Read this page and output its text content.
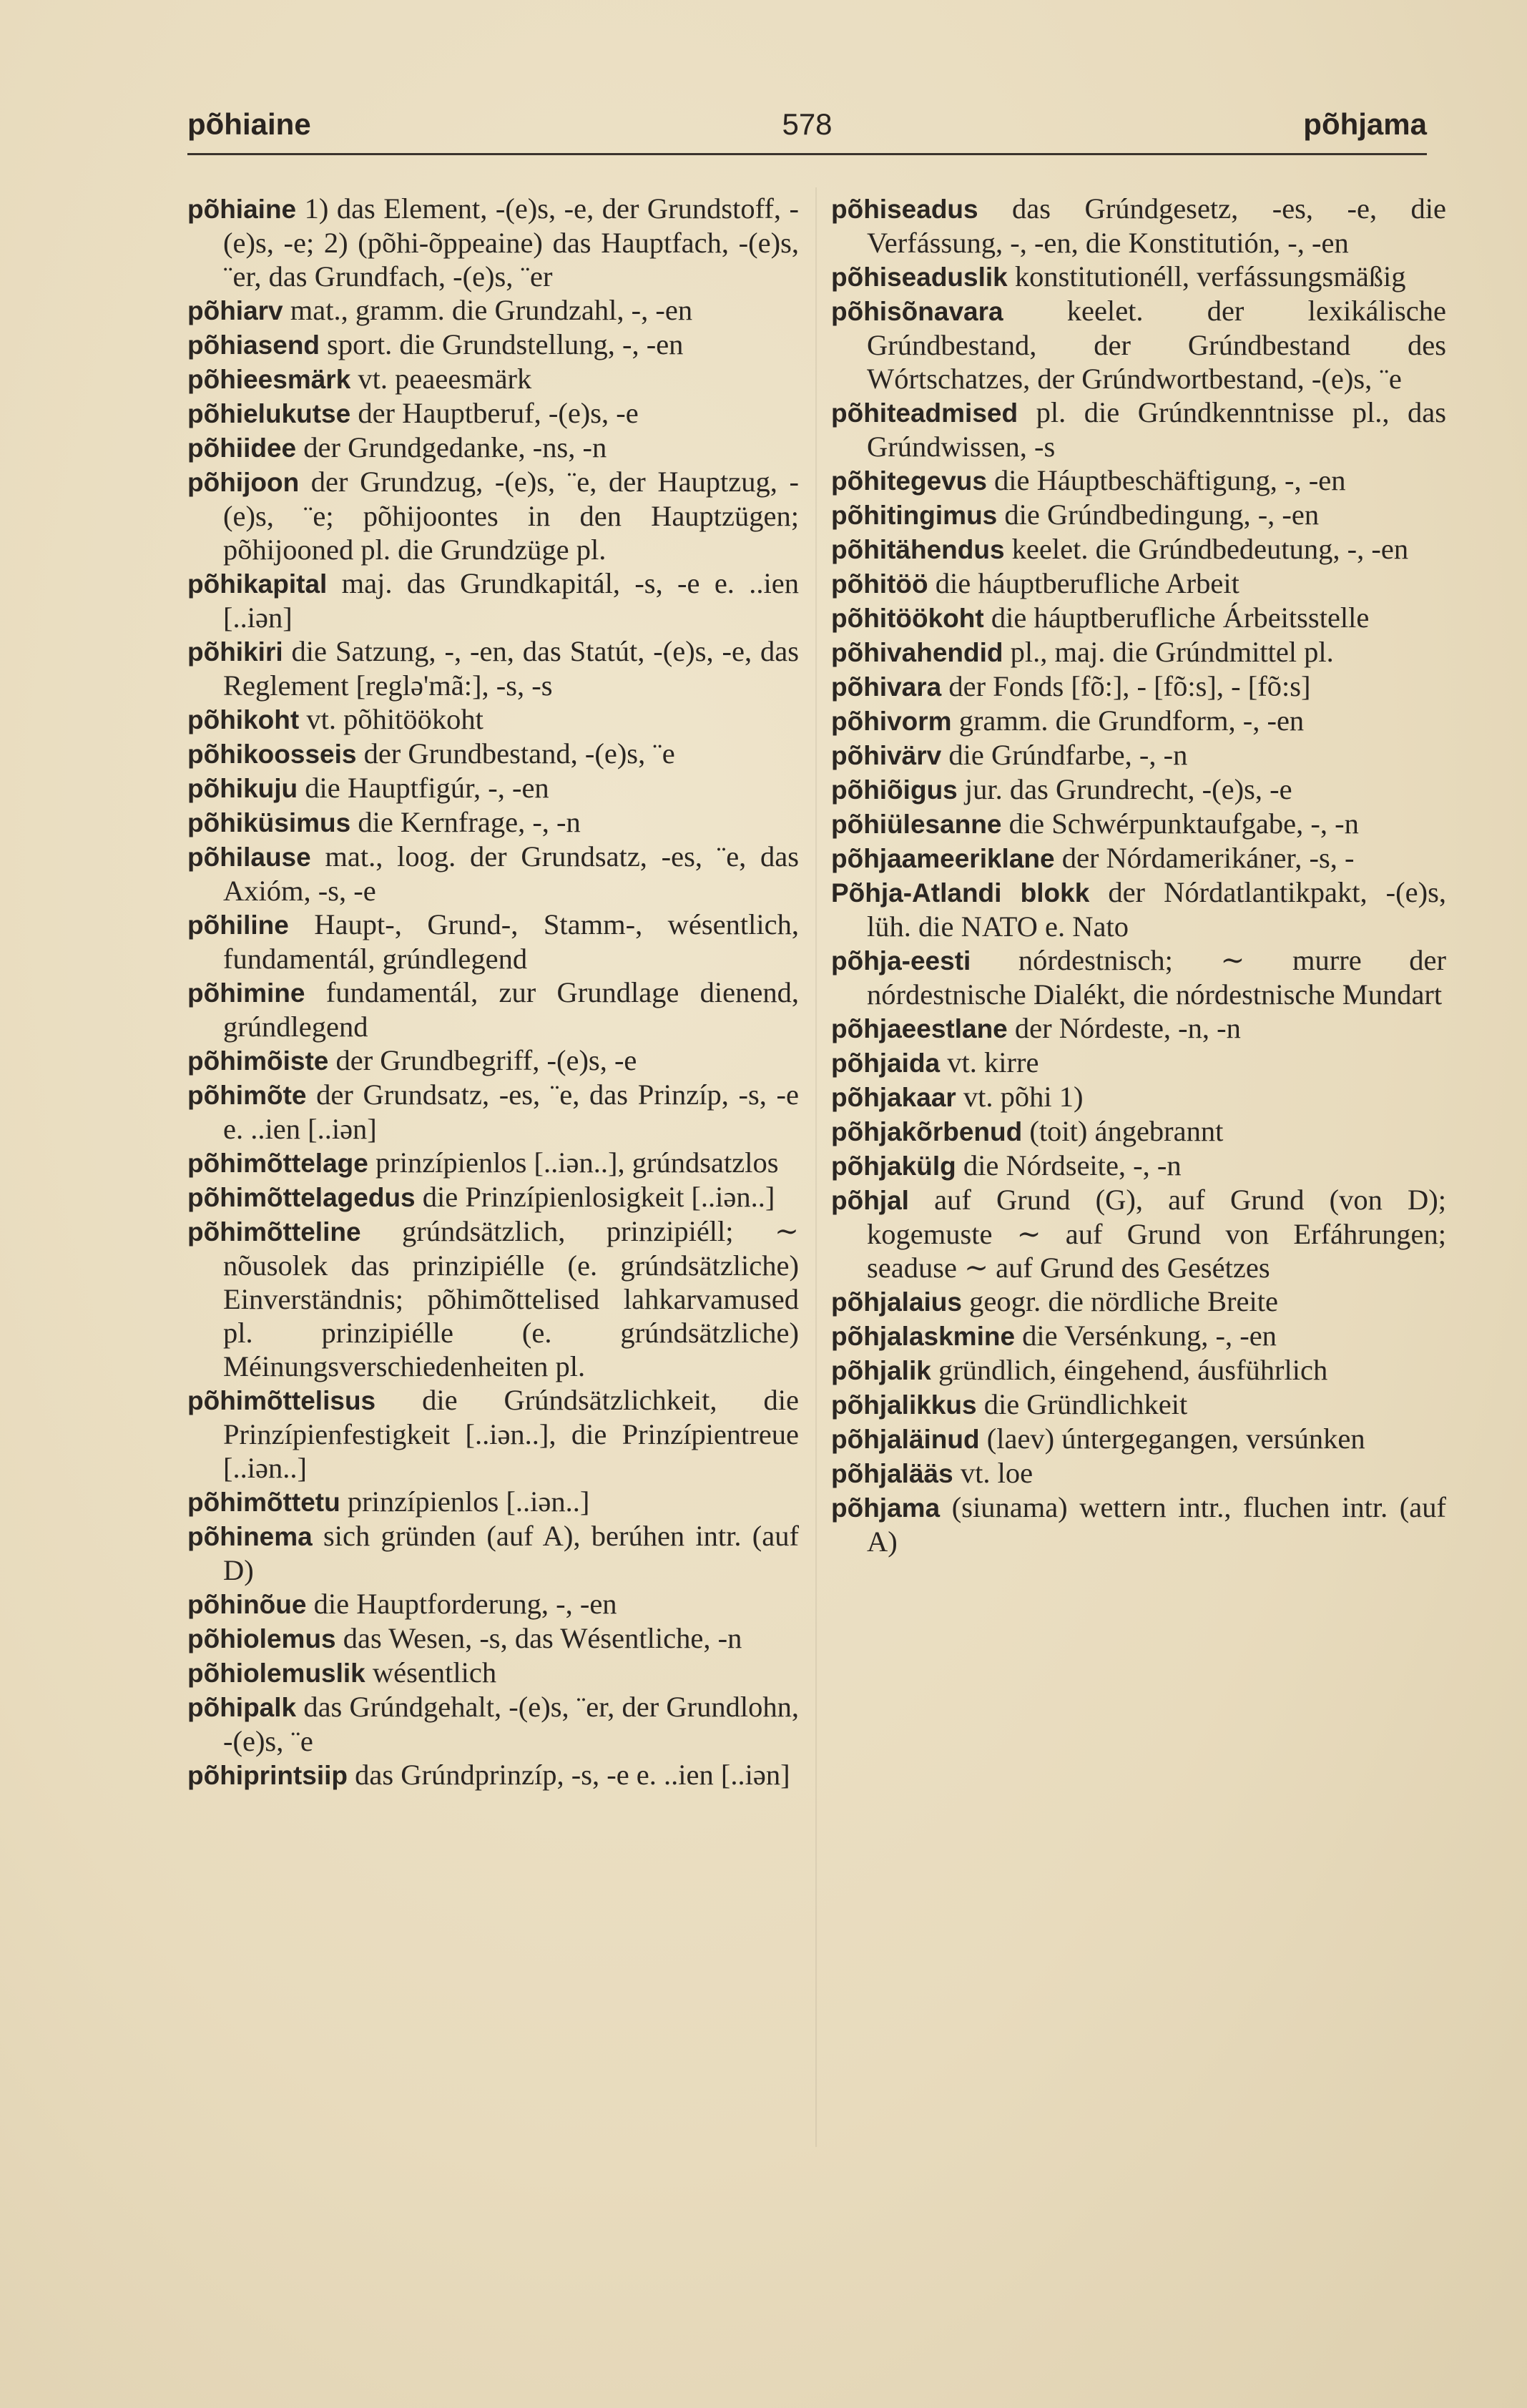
põhiaine	578	põhjama
põhiaine 1) das Element, -(e)s, -e, der Grundstoff, -(e)s, -e; 2) (põhi-õppeaine) das Hauptfach, -(e)s, ¨er, das Grundfach, -(e)s, ¨er
põhiarv mat., gramm. die Grundzahl, -, -en
põhiasend sport. die Grundstellung, -, -en
põhieesmärk vt. peaeesmärk
põhielukutse der Hauptberuf, -(e)s, -e
põhiidee der Grundgedanke, -ns, -n
põhijoon der Grundzug, -(e)s, ¨e, der Hauptzug, -(e)s, ¨e; põhijoontes in den Hauptzügen; põhijooned pl. die Grundzüge pl.
põhikapital maj. das Grundkapitál, -s, -e e. ..ien [..iən]
põhikiri die Satzung, -, -en, das Statút, -(e)s, -e, das Reglement [reglə'mã:], -s, -s
põhikoht vt. põhitöökoht
põhikoosseis der Grundbestand, -(e)s, ¨e
põhikuju die Hauptfigúr, -, -en
põhiküsimus die Kernfrage, -, -n
põhilause mat., loog. der Grundsatz, -es, ¨e, das Axióm, -s, -e
põhiline Haupt-, Grund-, Stamm-, wésentlich, fundamentál, grúndlegend
põhimine fundamentál, zur Grundlage dienend, grúndlegend
põhimõiste der Grundbegriff, -(e)s, -e
põhimõte der Grundsatz, -es, ¨e, das Prinzíp, -s, -e e. ..ien [..iən]
põhimõttelage prinzípienlos [..iən..], grúndsatzlos
põhimõttelagedus die Prinzípienlosigkeit [..iən..]
põhimõtteline grúndsätzlich, prinzipiéll; ∼ nõusolek das prinzipiélle (e. grúndsätzliche) Einverständnis; põhimõttelised lahkarvamused pl. prinzipiélle (e. grúndsätzliche) Méinungsverschiedenheiten pl.
põhimõttelisus die Grúndsätzlichkeit, die Prinzípienfestigkeit [..iən..], die Prinzípientreue [..iən..]
põhimõttetu prinzípienlos [..iən..]
põhinema sich gründen (auf A), berúhen intr. (auf D)
põhinõue die Hauptforderung, -, -en
põhiolemus das Wesen, -s, das Wésentliche, -n
põhiolemuslik wésentlich
põhipalk das Grúndgehalt, -(e)s, ¨er, der Grundlohn, -(e)s, ¨e
põhiprintsiip das Grúndprinzíp, -s, -e e. ..ien [..iən]
põhiseadus das Grúndgesetz, -es, -e, die Verfássung, -, -en, die Konstitutión, -, -en
põhiseaduslik konstitutionéll, verfássungsmäßig
põhisõnavara keelet. der lexikálische Grúndbestand, der Grúndbestand des Wórtschatzes, der Grúndwortbestand, -(e)s, ¨e
põhiteadmised pl. die Grúndkenntnisse pl., das Grúndwissen, -s
põhitegevus die Háuptbeschäftigung, -, -en
põhitingimus die Grúndbedingung, -, -en
põhitähendus keelet. die Grúndbedeutung, -, -en
põhitöö die háuptberufliche Arbeit
põhitöökoht die háuptberufliche Árbeitsstelle
põhivahendid pl., maj. die Grúndmittel pl.
põhivara der Fonds [fõ:], - [fõ:s], - [fõ:s]
põhivorm gramm. die Grundform, -, -en
põhivärv die Grúndfarbe, -, -n
põhiõigus jur. das Grundrecht, -(e)s, -e
põhiülesanne die Schwérpunktaufgabe, -, -n
põhjaameeriklane der Nórdamerikáner, -s, -
Põhja-Atlandi blokk der Nórdatlantikpakt, -(e)s, lüh. die NATO e. Nato
põhja-eesti nórdestnisch; ∼ murre der nórdestnische Dialékt, die nórdestnische Mundart
põhjaeestlane der Nórdeste, -n, -n
põhjaida vt. kirre
põhjakaar vt. põhi 1)
põhjakõrbenud (toit) ángebrannt
põhjakülg die Nórdseite, -, -n
põhjal auf Grund (G), auf Grund (von D); kogemuste ∼ auf Grund von Erfáhrungen; seaduse ∼ auf Grund des Gesétzes
põhjalaius geogr. die nördliche Breite
põhjalaskmine die Versénkung, -, -en
põhjalik gründlich, éingehend, áusführlich
põhjalikkus die Gründlichkeit
põhjaläinud (laev) úntergegangen, versúnken
põhjalääs vt. loe
põhjama (siunama) wettern intr., fluchen intr. (auf A)
